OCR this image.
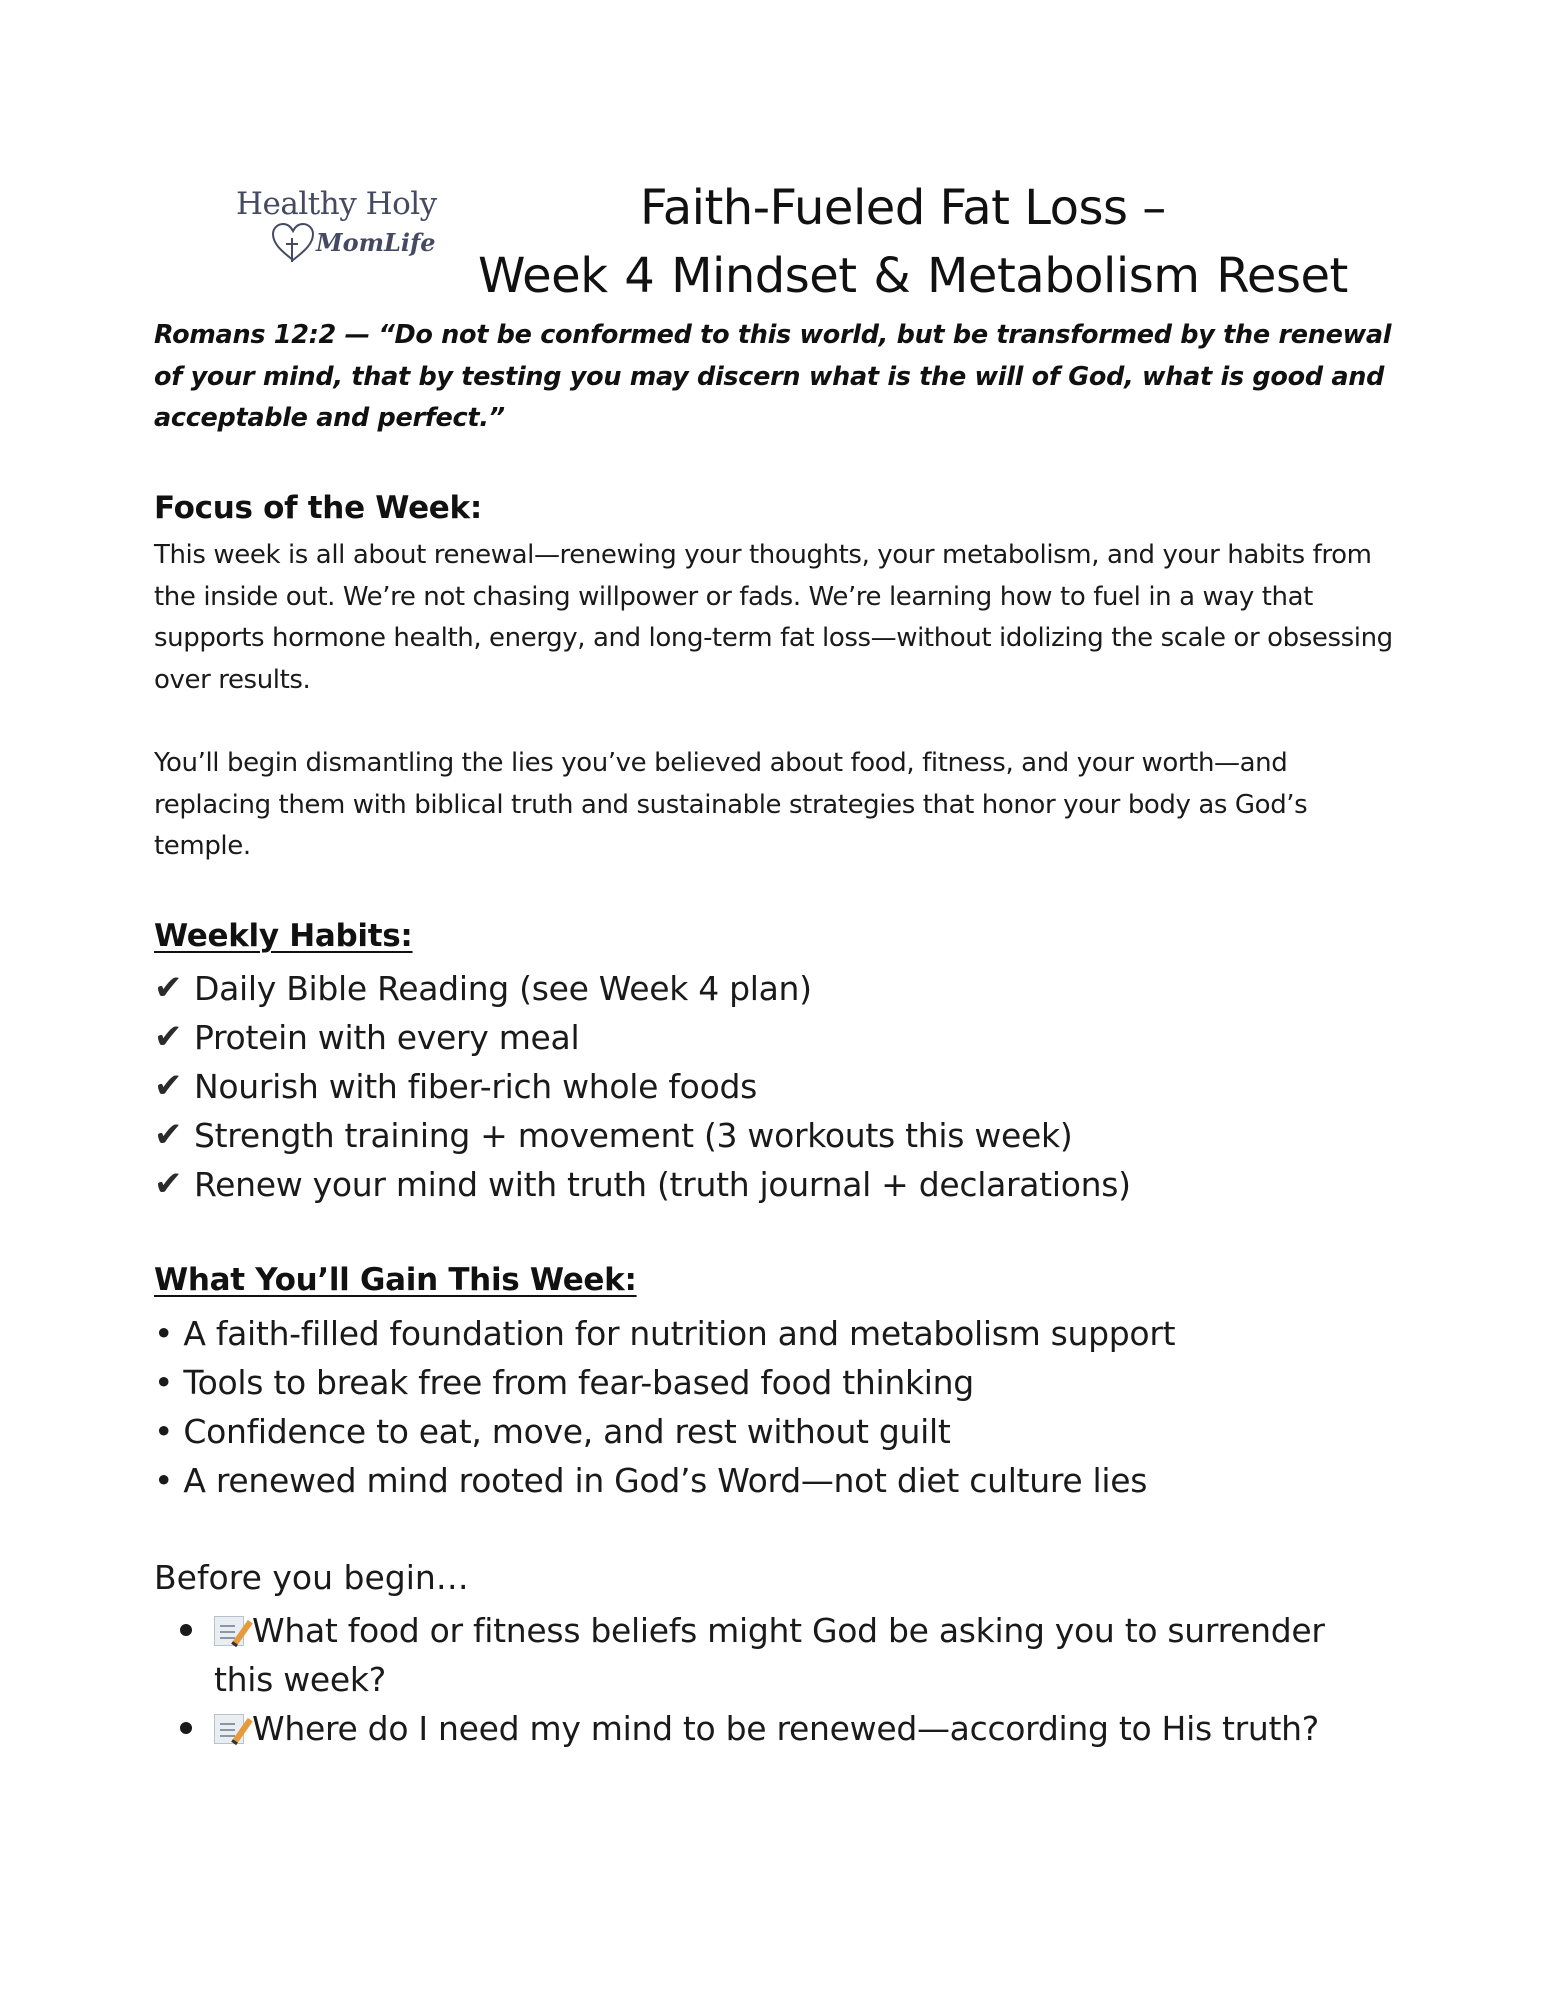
Healthy Holy
MomLife
Faith-Fueled Fat Loss –
Week 4 Mindset & Metabolism Reset
Romans 12:2 — “Do not be conformed to this world, but be transformed by the renewal of your mind, that by testing you may discern what is the will of God, what is good and acceptable and perfect.”
Focus of the Week:
This week is all about renewal—renewing your thoughts, your metabolism, and your habits from the inside out. We’re not chasing willpower or fads. We’re learning how to fuel in a way that supports hormone health, energy, and long-term fat loss—without idolizing the scale or obsessing over results.
You’ll begin dismantling the lies you’ve believed about food, fitness, and your worth—and replacing them with biblical truth and sustainable strategies that honor your body as God’s temple.
Weekly Habits:
✔ Daily Bible Reading (see Week 4 plan)
✔ Protein with every meal
✔ Nourish with fiber-rich whole foods
✔ Strength training + movement (3 workouts this week)
✔ Renew your mind with truth (truth journal + declarations)
What You’ll Gain This Week:
• A faith-filled foundation for nutrition and metabolism support
• Tools to break free from fear-based food thinking
• Confidence to eat, move, and rest without guilt
• A renewed mind rooted in God’s Word—not diet culture lies
Before you begin…
What food or fitness beliefs might God be asking you to surrender this week?
Where do I need my mind to be renewed—according to His truth?
